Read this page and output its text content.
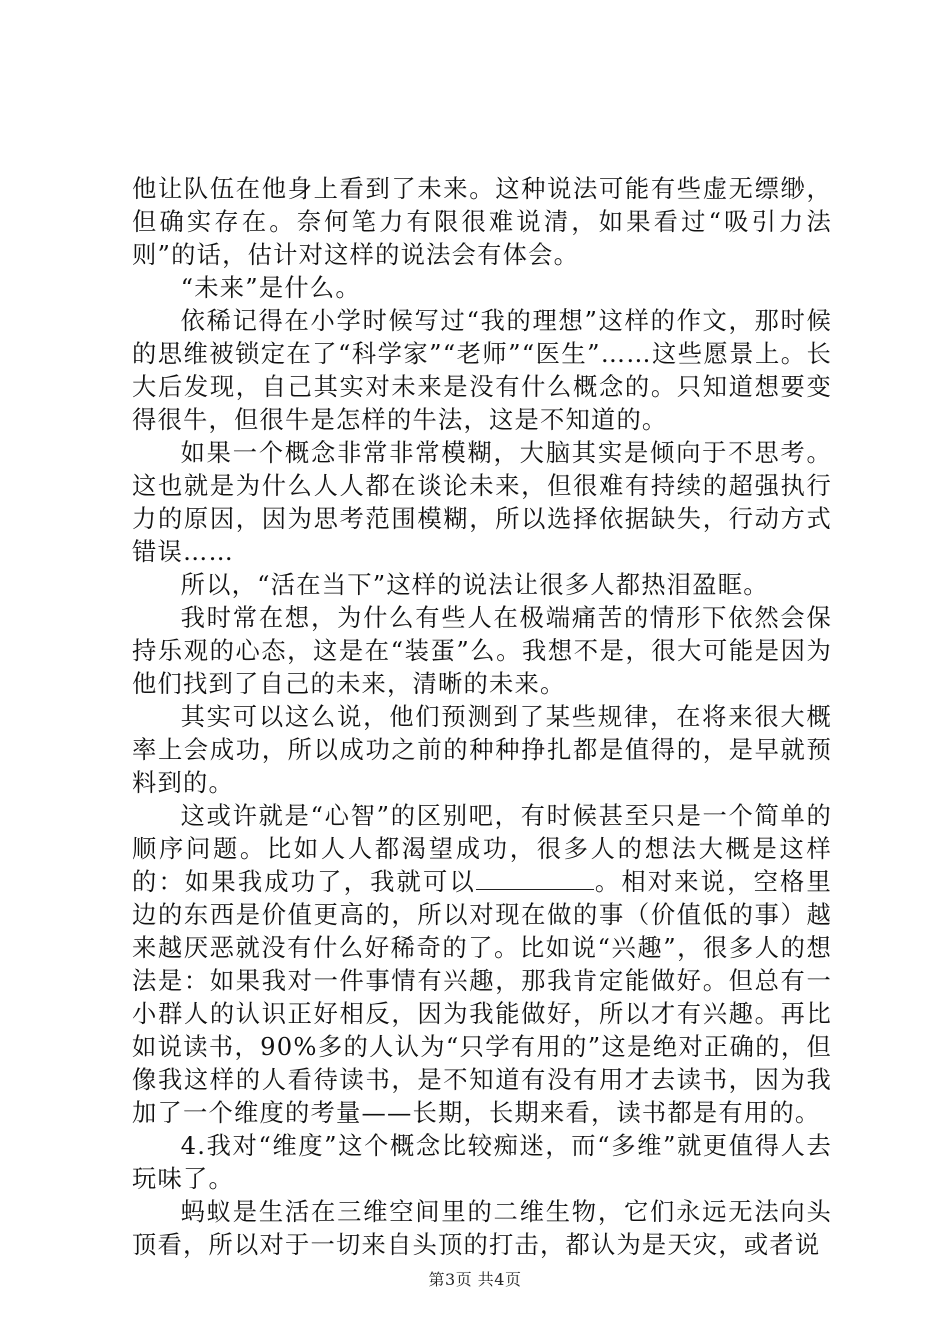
他让队伍在他身上看到了未来。这种说法可能有些虚无缥缈，但确实存在。奈何笔力有限很难说清，如果看过“吸引力法则”的话，估计对这样的说法会有体会。

“未来”是什么。

依稀记得在小学时候写过“我的理想”这样的作文，那时候的思维被锁定在了“科学家”“老师”“医生”……这些愿景上。长大后发现，自己其实对未来是没有什么概念的。只知道想要变得很牛，但很牛是怎样的牛法，这是不知道的。

如果一个概念非常非常模糊，大脑其实是倾向于不思考。这也就是为什么人人都在谈论未来，但很难有持续的超强执行力的原因，因为思考范围模糊，所以选择依据缺失，行动方式错误……

所以，“活在当下”这样的说法让很多人都热泪盈眶。

我时常在想，为什么有些人在极端痛苦的情形下依然会保持乐观的心态，这是在“装蛋”么。我想不是，很大可能是因为他们找到了自己的未来，清晰的未来。

其实可以这么说，他们预测到了某些规律，在将来很大概率上会成功，所以成功之前的种种挣扎都是值得的，是早就预料到的。

这或许就是“心智”的区别吧，有时候甚至只是一个简单的顺序问题。比如人人都渴望成功，很多人的想法大概是这样的：如果我成功了，我就可以	。相对来说，空格里边的东西是价值更高的，所以对现在做的事（价值低的事）越来越厌恶就没有什么好稀奇的了。比如说“兴趣”，很多人的想法是：如果我对一件事情有兴趣，那我肯定能做好。但总有一小群人的认识正好相反，因为我能做好，所以才有兴趣。再比如说读书，90%多的人认为“只学有用的”这是绝对正确的，但像我这样的人看待读书，是不知道有没有用才去读书，因为我加了一个维度的考量——长期，长期来看，读书都是有用的。

4.我对“维度”这个概念比较痴迷，而“多维”就更值得人去玩味了。

蚂蚁是生活在三维空间里的二维生物，它们永远无法向头顶看，所以对于一切来自头顶的打击，都认为是天灾，或者说

第3页 共4页
